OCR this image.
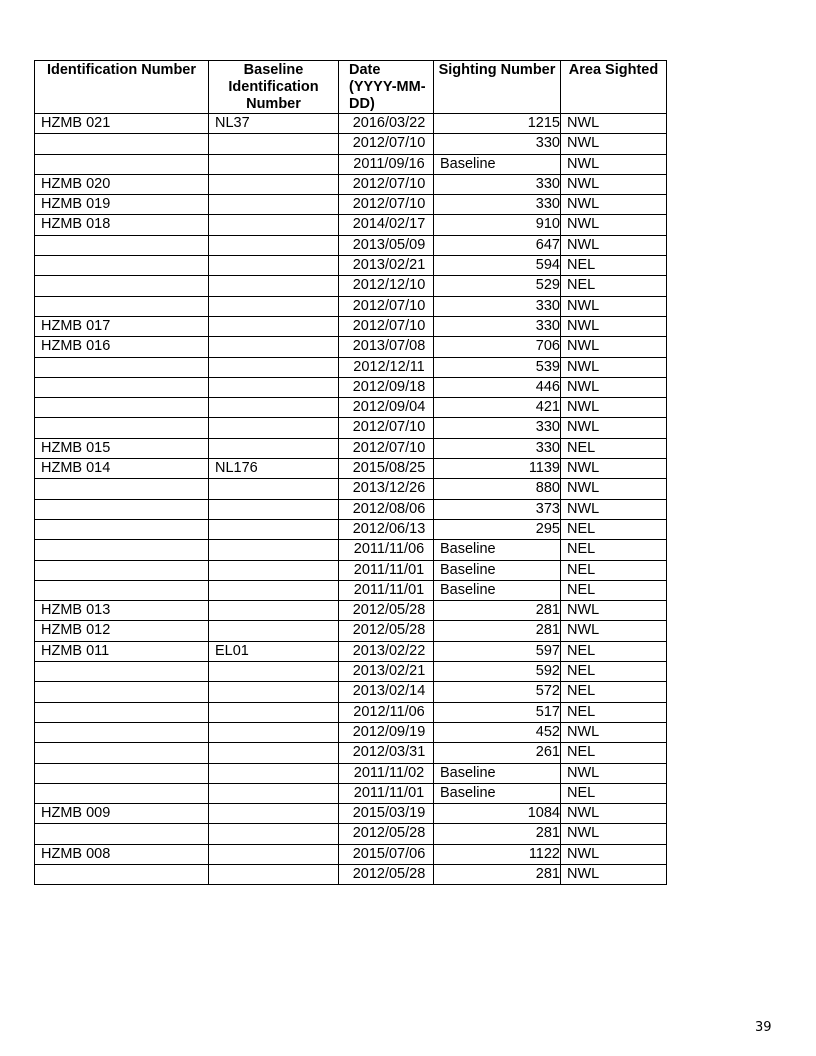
Identification Number	Baseline Identification Number	Date (YYYY-MM-DD)	Sighting Number	Area Sighted
HZMB 021	NL37	2016/03/22	1215	NWL
		2012/07/10	330	NWL
		2011/09/16	Baseline	NWL
HZMB 020		2012/07/10	330	NWL
HZMB 019		2012/07/10	330	NWL
HZMB 018		2014/02/17	910	NWL
		2013/05/09	647	NWL
		2013/02/21	594	NEL
		2012/12/10	529	NEL
		2012/07/10	330	NWL
HZMB 017		2012/07/10	330	NWL
HZMB 016		2013/07/08	706	NWL
		2012/12/11	539	NWL
		2012/09/18	446	NWL
		2012/09/04	421	NWL
		2012/07/10	330	NWL
HZMB 015		2012/07/10	330	NEL
HZMB 014	NL176	2015/08/25	1139	NWL
		2013/12/26	880	NWL
		2012/08/06	373	NWL
		2012/06/13	295	NEL
		2011/11/06	Baseline	NEL
		2011/11/01	Baseline	NEL
		2011/11/01	Baseline	NEL
HZMB 013		2012/05/28	281	NWL
HZMB 012		2012/05/28	281	NWL
HZMB 011	EL01	2013/02/22	597	NEL
		2013/02/21	592	NEL
		2013/02/14	572	NEL
		2012/11/06	517	NEL
		2012/09/19	452	NWL
		2012/03/31	261	NEL
		2011/11/02	Baseline	NWL
		2011/11/01	Baseline	NEL
HZMB 009		2015/03/19	1084	NWL
		2012/05/28	281	NWL
HZMB 008		2015/07/06	1122	NWL
		2012/05/28	281	NWL
39
